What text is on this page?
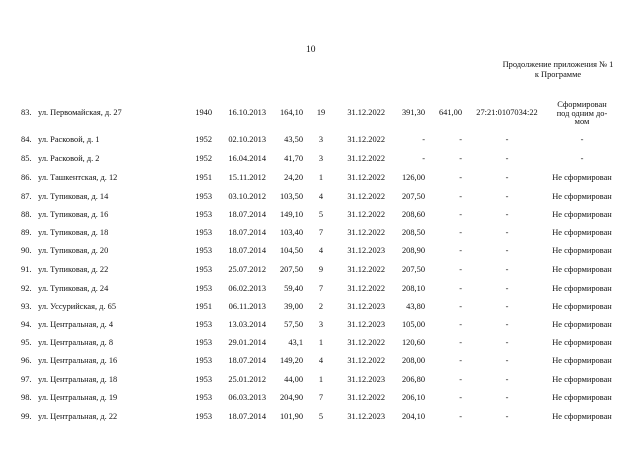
10
Продолжение приложения № 1
к Программе
83. ул. Первомайская, д. 27	1940	16.10.2013	164,10	19	31.12.2022	391,30	641,00	27:21:0107034:22
Сформирован
под одним до-
мом
84. ул. Расковой, д. 1	1952	02.10.2013	43,50	3	31.12.2022	-	-	-	-
85. ул. Расковой, д. 2	1952	16.04.2014	41,70	3	31.12.2022	-	-	-	-
86. ул. Ташкентская, д. 12	1951	15.11.2012	24,20	1	31.12.2022	126,00	-	-	Не сформирован
87. ул. Тупиковая, д. 14	1953	03.10.2012	103,50	4	31.12.2022	207,50	-	-	Не сформирован
88. ул. Тупиковая, д. 16	1953	18.07.2014	149,10	5	31.12.2022	208,60	-	-	Не сформирован
89. ул. Тупиковая, д. 18	1953	18.07.2014	103,40	7	31.12.2022	208,50	-	-	Не сформирован
90. ул. Тупиковая, д. 20	1953	18.07.2014	104,50	4	31.12.2023	208,90	-	-	Не сформирован
91. ул. Тупиковая, д. 22	1953	25.07.2012	207,50	9	31.12.2022	207,50	-	-	Не сформирован
92. ул. Тупиковая, д. 24	1953	06.02.2013	59,40	7	31.12.2022	208,10	-	-	Не сформирован
93. ул. Уссурийская, д. 65	1951	06.11.2013	39,00	2	31.12.2023	43,80	-	-	Не сформирован
94. ул. Центральная, д. 4	1953	13.03.2014	57,50	3	31.12.2023	105,00	-	-	Не сформирован
95. ул. Центральная, д. 8	1953	29.01.2014	43,1	1	31.12.2022	120,60	-	-	Не сформирован
96. ул. Центральная, д. 16	1953	18.07.2014	149,20	4	31.12.2022	208,00	-	-	Не сформирован
97. ул. Центральная, д. 18	1953	25.01.2012	44,00	1	31.12.2023	206,80	-	-	Не сформирован
98. ул. Центральная, д. 19	1953	06.03.2013	204,90	7	31.12.2022	206,10	-	-	Не сформирован
99. ул. Центральная, д. 22	1953	18.07.2014	101,90	5	31.12.2023	204,10	-	-	Не сформирован
